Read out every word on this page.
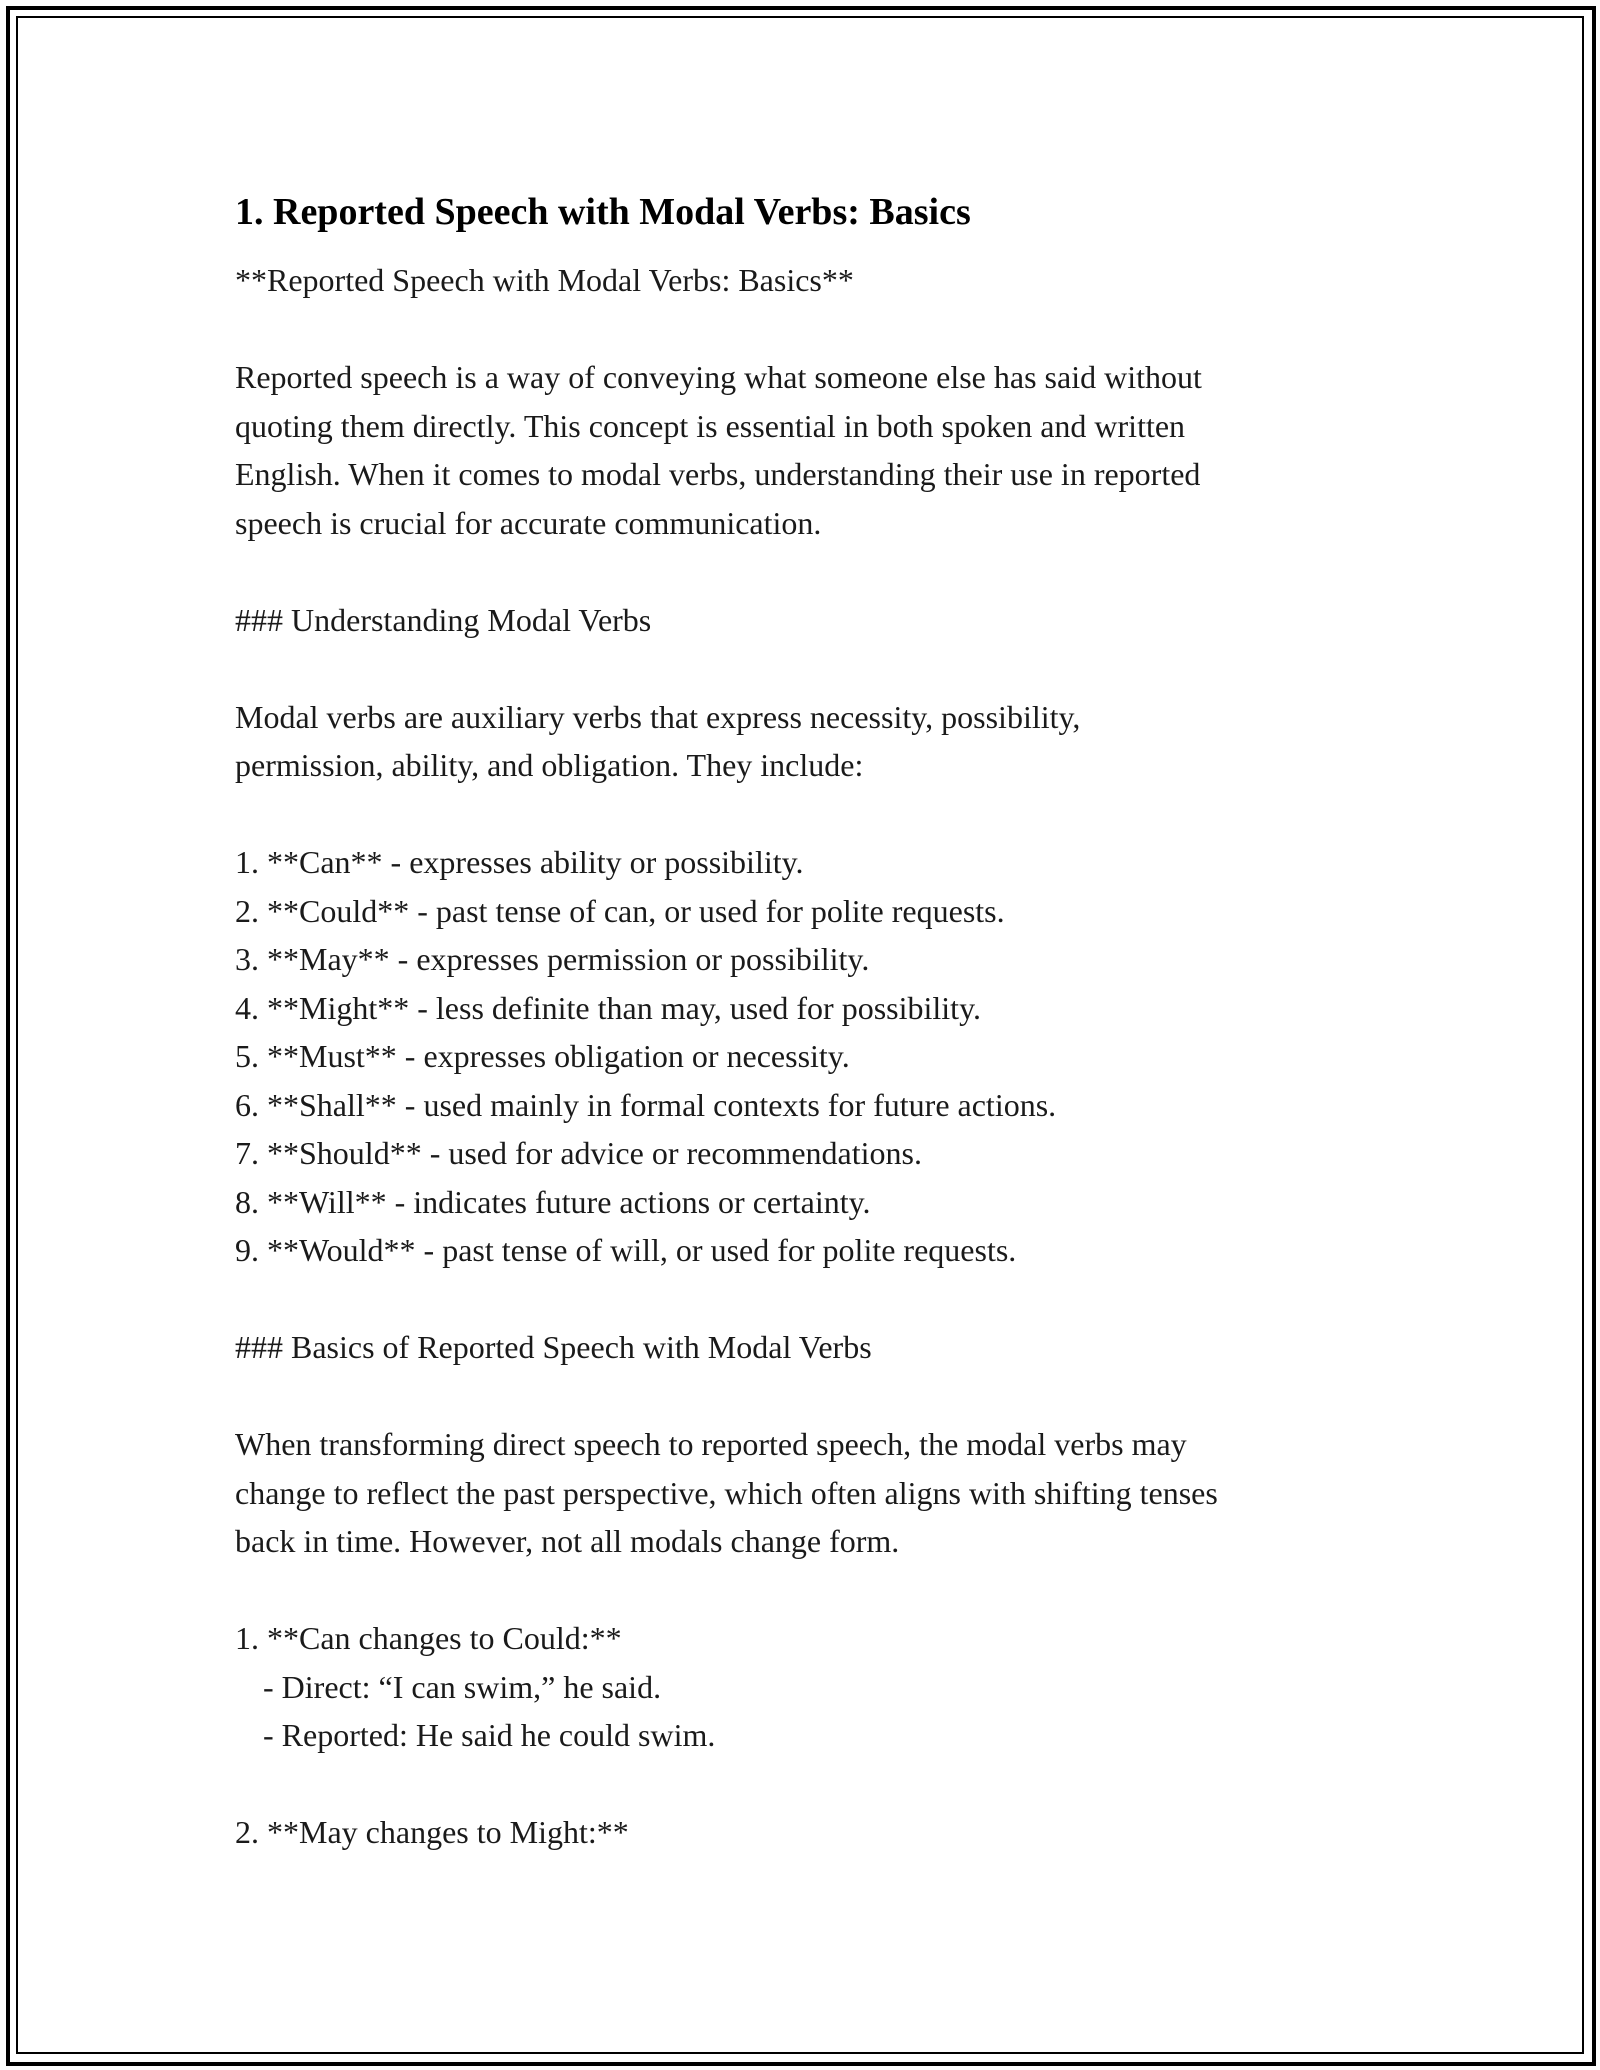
1. Reported Speech with Modal Verbs: Basics

**Reported Speech with Modal Verbs: Basics**

Reported speech is a way of conveying what someone else has said without

quoting them directly. This concept is essential in both spoken and written

English. When it comes to modal verbs, understanding their use in reported

speech is crucial for accurate communication.

### Understanding Modal Verbs

Modal verbs are auxiliary verbs that express necessity, possibility,

permission, ability, and obligation. They include:

1. **Can** - expresses ability or possibility.

2. **Could** - past tense of can, or used for polite requests.

3. **May** - expresses permission or possibility.

4. **Might** - less definite than may, used for possibility.

5. **Must** - expresses obligation or necessity.

6. **Shall** - used mainly in formal contexts for future actions.

7. **Should** - used for advice or recommendations.

8. **Will** - indicates future actions or certainty.

9. **Would** - past tense of will, or used for polite requests.

### Basics of Reported Speech with Modal Verbs

When transforming direct speech to reported speech, the modal verbs may

change to reflect the past perspective, which often aligns with shifting tenses

back in time. However, not all modals change form.

1. **Can changes to Could:**

- Direct: “I can swim,” he said.

- Reported: He said he could swim.

2. **May changes to Might:**
